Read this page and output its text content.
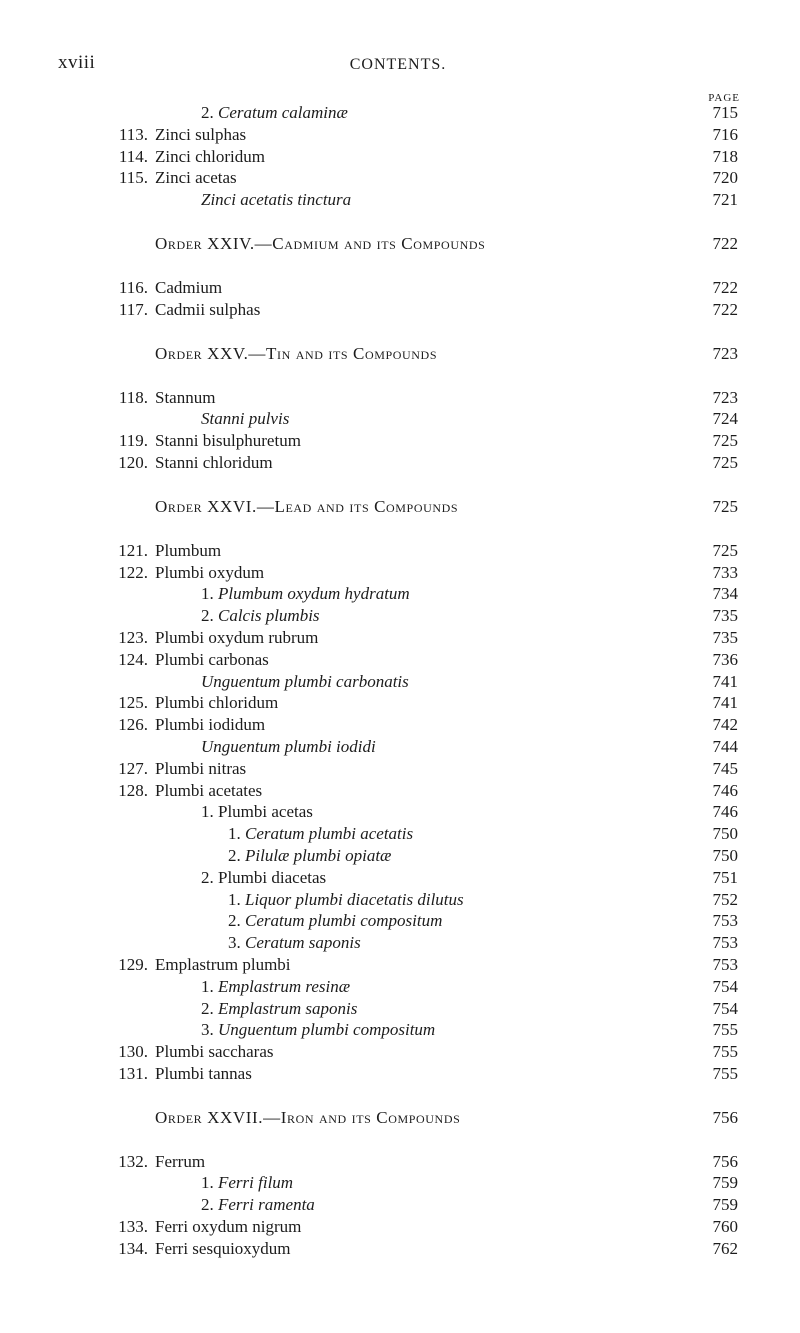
xviii	CONTENTS.
PAGE
2. Ceratum calaminæ	715
113. Zinci sulphas	716
114. Zinci chloridum	718
115. Zinci acetas	720
Zinci acetatis tinctura	721
Order XXIV.—Cadmium and its Compounds	722
116. Cadmium	722
117. Cadmii sulphas	722
Order XXV.—Tin and its Compounds	723
118. Stannum	723
Stanni pulvis	724
119. Stanni bisulphuretum	725
120. Stanni chloridum	725
Order XXVI.—Lead and its Compounds	725
121. Plumbum	725
122. Plumbi oxydum	733
1. Plumbum oxydum hydratum	734
2. Calcis plumbis	735
123. Plumbi oxydum rubrum	735
124. Plumbi carbonas	736
Unguentum plumbi carbonatis	741
125. Plumbi chloridum	741
126. Plumbi iodidum	742
Unguentum plumbi iodidi	744
127. Plumbi nitras	745
128. Plumbi acetates	746
1. Plumbi acetas	746
1. Ceratum plumbi acetatis	750
2. Pilulæ plumbi opiatæ	750
2. Plumbi diacetas	751
1. Liquor plumbi diacetatis dilutus	752
2. Ceratum plumbi compositum	753
3. Ceratum saponis	753
129. Emplastrum plumbi	753
1. Emplastrum resinæ	754
2. Emplastrum saponis	754
3. Unguentum plumbi compositum	755
130. Plumbi saccharas	755
131. Plumbi tannas	755
Order XXVII.—Iron and its Compounds	756
132. Ferrum	756
1. Ferri filum	759
2. Ferri ramenta	759
133. Ferri oxydum nigrum	760
134. Ferri sesquioxydum	762
